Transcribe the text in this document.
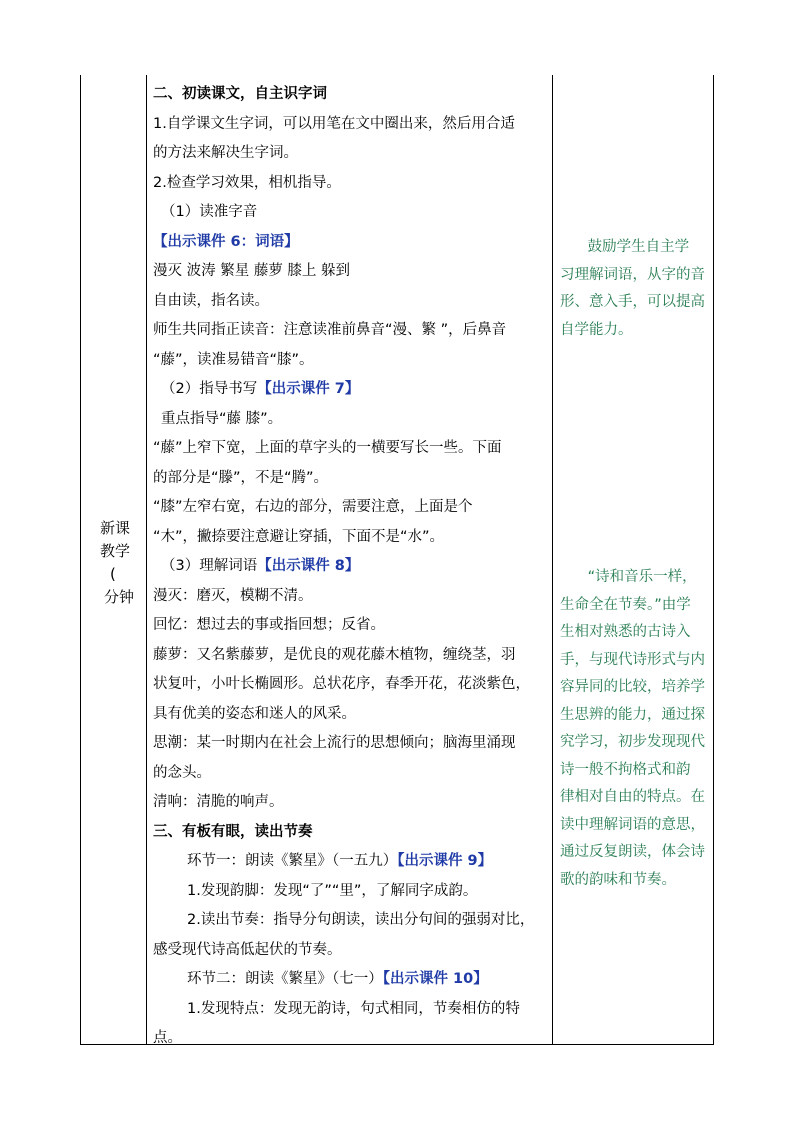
新课
教学
(
分钟
二、初读课文，自主识字词
1.自学课文生字词，可以用笔在文中圈出来，然后用合适
的方法来解决生字词。
2.检查学习效果，相机指导。
（1）读准字音
【出示课件 6：词语】
漫灭 波涛 繁星 藤萝 膝上 躲到
自由读，指名读。
师生共同指正读音：注意读准前鼻音“漫、繁 ”，后鼻音
“藤”，读准易错音“膝”。
（2）指导书写【出示课件 7】
重点指导“藤 膝”。
“藤”上窄下宽，上面的草字头的一横要写长一些。下面
的部分是“滕”，不是“腾”。
“膝”左窄右宽，右边的部分，需要注意，上面是个
“木”，撇捺要注意避让穿插，下面不是“水”。
（3）理解词语【出示课件 8】
漫灭：磨灭，模糊不清。
回忆：想过去的事或指回想；反省。
藤萝：又名紫藤萝，是优良的观花藤木植物，缠绕茎，羽
状复叶，小叶长椭圆形。总状花序，春季开花，花淡紫色，
具有优美的姿态和迷人的风采。
思潮：某一时期内在社会上流行的思想倾向；脑海里涌现
的念头。
清响：清脆的响声。
三、有板有眼，读出节奏
环节一：朗读《繁星》（一五九）【出示课件 9】
1.发现韵脚：发现“了”“里”，了解同字成韵。
2.读出节奏：指导分句朗读，读出分句间的强弱对比，
感受现代诗高低起伏的节奏。
环节二：朗读《繁星》（七一）【出示课件 10】
1.发现特点：发现无韵诗，句式相同，节奏相仿的特
点。
鼓励学生自主学
习理解词语，从字的音
形、意入手，可以提高
自学能力。
“诗和音乐一样，
生命全在节奏。”由学
生相对熟悉的古诗入
手，与现代诗形式与内
容异同的比较，培养学
生思辨的能力，通过探
究学习，初步发现现代
诗一般不拘格式和韵
律相对自由的特点。在
读中理解词语的意思，
通过反复朗读，体会诗
歌的韵味和节奏。
